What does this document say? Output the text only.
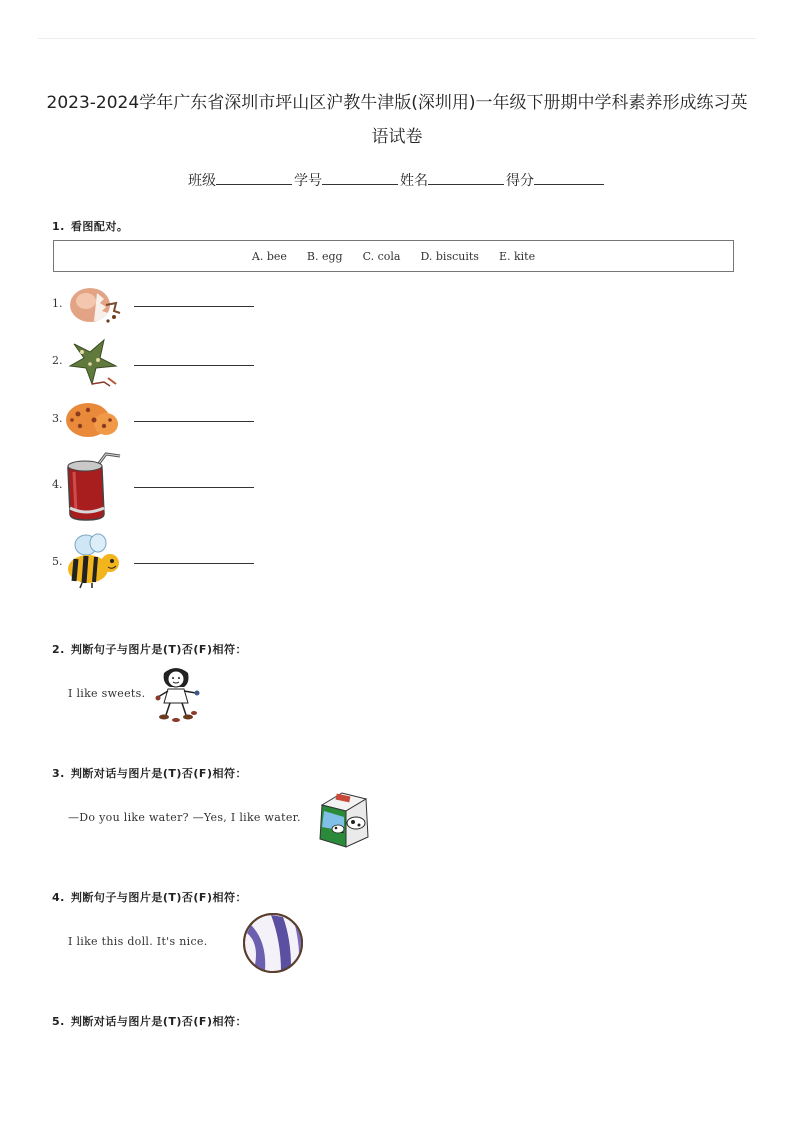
2023-2024学年广东省深圳市坪山区沪教牛津版(深圳用)一年级下册期中学科素养形成练习英
语试卷
班级	学号	姓名	得分
1. 看图配对。
A. bee B. egg C. cola D. biscuits E. kite
1.
2.
3.
4.
5.
2. 判断句子与图片是(T)否(F)相符：
I like sweets.
3. 判断对话与图片是(T)否(F)相符：
—Do you like water? —Yes, I like water.
4. 判断句子与图片是(T)否(F)相符：
I like this doll. It's nice.
5. 判断对话与图片是(T)否(F)相符：
